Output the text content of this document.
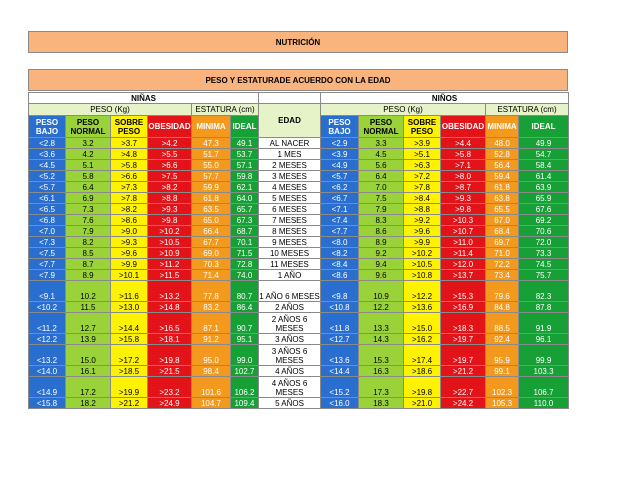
NUTRICIÓN
PESO Y ESTATURADE ACUERDO CON LA EDAD
NIÑAS							NIÑOS					
PESO (Kg)				ESTATURA (cm)		EDAD	PESO (Kg)				ESTATURA (cm)	
PESO BAJO	PESO NORMAL	SOBRE PESO	OBESIDAD	MINIMA	IDEAL		PESO BAJO	PESO NORMAL	SOBRE PESO	OBESIDAD	MINIMA	IDEAL
<2.8	3.2	>3.7	>4.2	47.3	49.1	AL NACER	<2.9	3.3	>3.9	>4.4	48.0	49.9
<3.6	4.2	>4.8	>5.5	51.7	53.7	1 MES	<3.9	4.5	>5.1	>5.8	52.8	54.7
<4.5	5.1	>5.8	>6.6	55.0	57.1	2 MESES	<4.9	5.6	>6.3	>7.1	56.4	58.4
<5.2	5.8	>6.6	>7.5	57.7	59.8	3 MESES	<5.7	6.4	>7.2	>8.0	59.4	61.4
<5.7	6.4	>7.3	>8.2	59.9	62.1	4 MESES	<6.2	7.0	>7.8	>8.7	61.8	63.9
<6.1	6.9	>7.8	>8.8	61.8	64.0	5 MESES	<6.7	7.5	>8.4	>9.3	63.8	65.9
<6.5	7.3	>8.2	>9.3	63.5	65.7	6 MESES	<7.1	7.9	>8.8	>9.8	65.5	67.6
<6.8	7.6	>8.6	>9.8	65.0	67.3	7 MESES	<7.4	8.3	>9.2	>10.3	67.0	69.2
<7.0	7.9	>9.0	>10.2	66.4	68.7	8 MESES	<7.7	8.6	>9.6	>10.7	68.4	70.6
<7.3	8.2	>9.3	>10.5	67.7	70.1	9 MESES	<8.0	8.9	>9.9	>11.0	69.7	72.0
<7.5	8.5	>9.6	>10.9	69.0	71.5	10 MESES	<8.2	9.2	>10.2	>11.4	71.0	73.3
<7.7	8.7	>9.9	>11.2	70.3	72.8	11 MESES	<8.4	9.4	>10.5	>12.0	72.2	74.5
<7.9	8.9	>10.1	>11.5	71.4	74.0	1 AÑO	<8.6	9.6	>10.8	>13.7	73.4	75.7
<9.1	10.2	>11.6	>13.2	77.8	80.7	1 AÑO 6 MESES	<9.8	10.9	>12.2	>15.3	79.6	82.3
<10.2	11.5	>13.0	>14.8	83.2	86.4	2 AÑOS	<10.8	12.2	>13.6	>16.9	84.8	87.8
<11.2	12.7	>14.4	>16.5	87.1	90.7	2 AÑOS 6 MESES	<11.8	13.3	>15.0	>18.3	88.5	91.9
<12.2	13.9	>15.8	>18.1	91.2	95.1	3 AÑOS	<12.7	14.3	>16.2	>19.7	92.4	96.1
<13.2	15.0	>17.2	>19.8	95.0	99.0	3 AÑOS 6 MESES	<13.6	15.3	>17.4	>19.7	95.9	99.9
<14.0	16.1	>18.5	>21.5	98.4	102.7	4 AÑOS	<14.4	16.3	>18.6	>21.2	99.1	103.3
<14.9	17.2	>19.9	>23.2	101.6	106.2	4 AÑOS 6 MESES	<15.2	17.3	>19.8	>22.7	102.3	106.7
<15.8	18.2	>21.2	>24.9	104.7	109.4	5 AÑOS	<16.0	18.3	>21.0	>24.2	105.3	110.0
